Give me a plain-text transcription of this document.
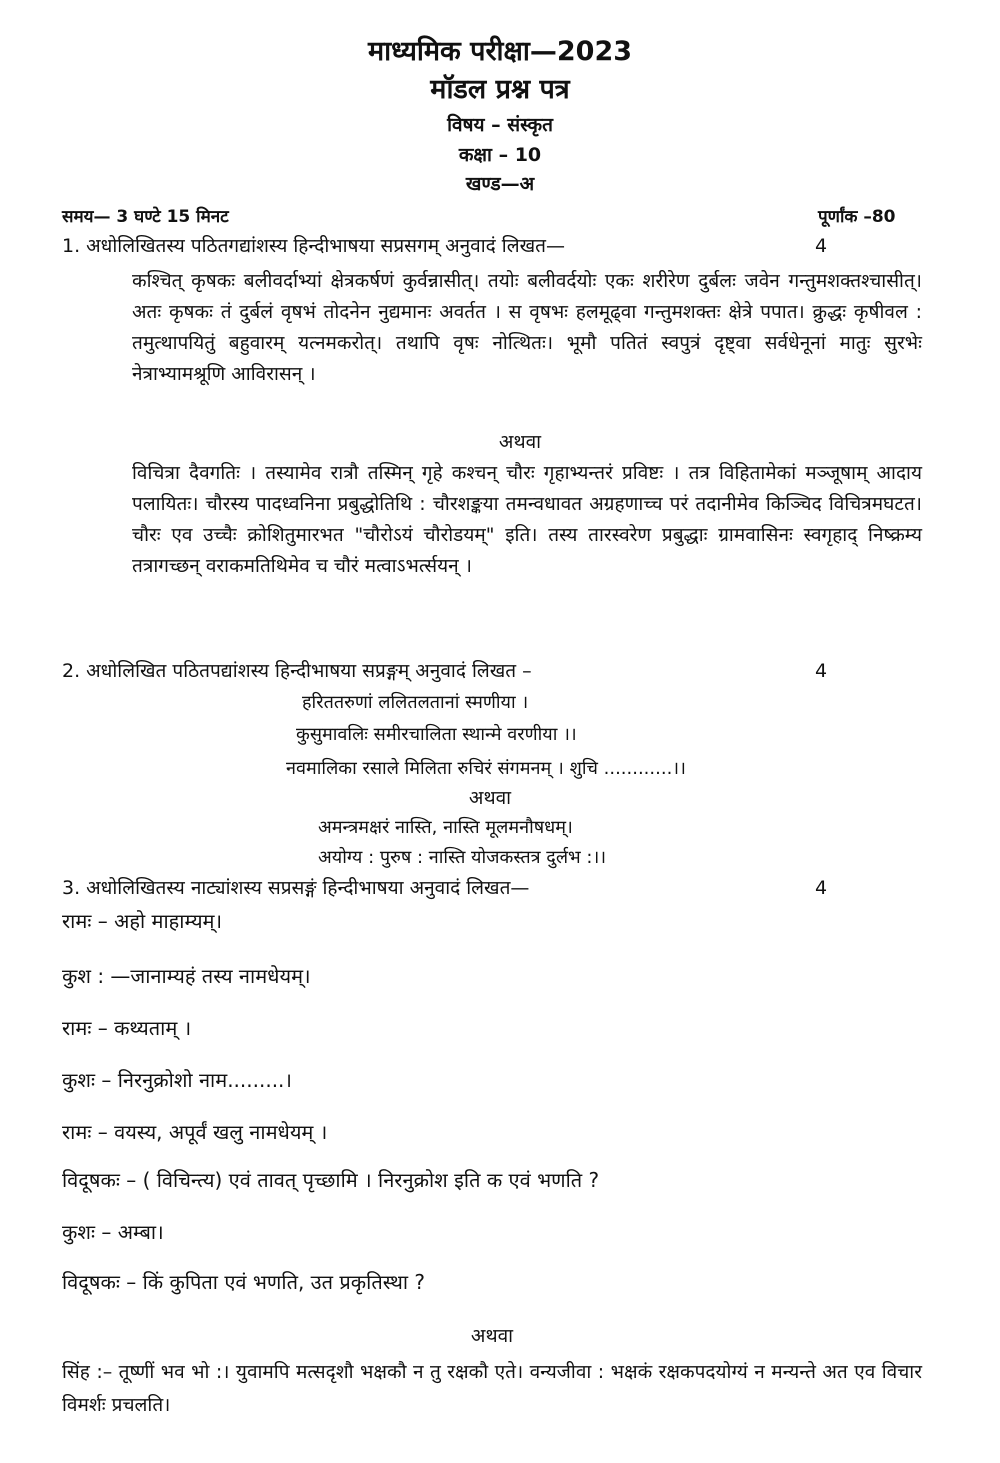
माध्यमिक परीक्षा—2023
मॉडल प्रश्न पत्र
विषय – संस्कृत
कक्षा – 10
खण्ड—अ
समय— 3 घण्टे 15 मिनट	पूर्णांक –80
1. अधोलिखितस्य पठितगद्यांशस्य हिन्दीभाषया सप्रसगम् अनुवादं लिखत—	4
कश्चित् कृषकः बलीवर्दाभ्यां क्षेत्रकर्षणं कुर्वन्नासीत्। तयोः बलीवर्दयोः एकः शरीरेण दुर्बलः जवेन गन्तुमशक्तश्चासीत्। अतः कृषकः तं दुर्बलं वृषभं तोदनेन नुद्यमानः अवर्तत । स वृषभः हलमूढ्वा गन्तुमशक्तः क्षेत्रे पपात। क्रुद्धः कृषीवल : तमुत्थापयितुं बहुवारम् यत्नमकरोत्। तथापि वृषः नोत्थितः। भूमौ पतितं स्वपुत्रं दृष्ट्वा सर्वधेनूनां मातुः सुरभेः नेत्राभ्यामश्रूणि आविरासन् ।
अथवा
विचित्रा दैवगतिः । तस्यामेव रात्रौ तस्मिन् गृहे कश्चन् चौरः गृहाभ्यन्तरं प्रविष्टः । तत्र विहितामेकां मञ्जूषाम् आदाय पलायितः। चौरस्य पादध्वनिना प्रबुद्धोतिथि : चौरशङ्कया तमन्वधावत अग्रहणाच्च परं तदानीमेव किञ्चिद विचित्रमघटत। चौरः एव उच्चैः क्रोशितुमारभत "चौरोऽयं चौरोडयम्" इति। तस्य तारस्वरेण प्रबुद्धाः ग्रामवासिनः स्वगृहाद् निष्क्रम्य तत्रागच्छन् वराकमतिथिमेव च चौरं मत्वाऽभर्त्सयन् ।
2. अधोलिखित पठितपद्यांशस्य हिन्दीभाषया सप्रङ्गम् अनुवादं लिखत –	4
हरिततरुणां ललितलतानां स्मणीया ।
कुसुमावलिः समीरचालिता स्थान्मे वरणीया ।।
नवमालिका रसाले मिलिता रुचिरं संगमनम् । शुचि ............।।
अथवा
अमन्त्रमक्षरं नास्ति, नास्ति मूलमनौषधम्।
अयोग्य : पुरुष : नास्ति योजकस्तत्र दुर्लभ :।।
3. अधोलिखितस्य नाट्यांशस्य सप्रसङ्गं हिन्दीभाषया अनुवादं लिखत—	4
रामः – अहो माहाम्यम्।
कुश : —जानाम्यहं तस्य नामधेयम्।
रामः – कथ्यताम् ।
कुशः – निरनुक्रोशो नाम.........।
रामः – वयस्य, अपूर्वं खलु नामधेयम् ।
विदूषकः – ( विचिन्त्य) एवं तावत् पृच्छामि । निरनुक्रोश इति क एवं भणति ?
कुशः – अम्बा।
विदूषकः – किं कुपिता एवं भणति, उत प्रकृतिस्था ?
अथवा
सिंह :– तूष्णीं भव भो :। युवामपि मत्सदृशौ भक्षकौ न तु रक्षकौ एते। वन्यजीवा : भक्षकं रक्षकपदयोग्यं न मन्यन्ते अत एव विचार विमर्शः प्रचलति।
